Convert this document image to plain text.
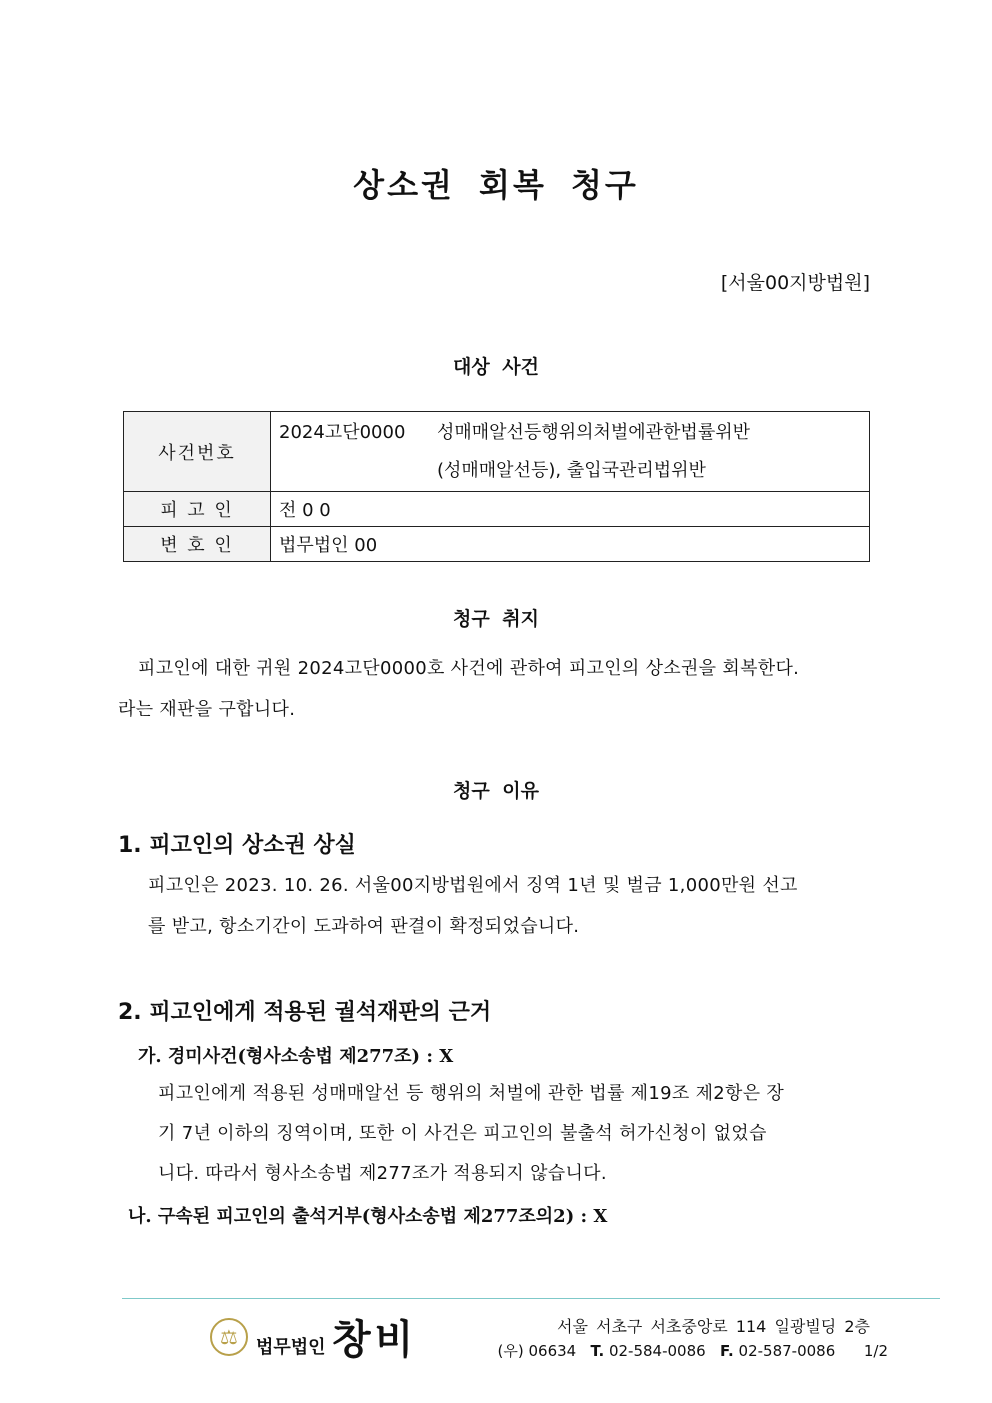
상소권 회복 청구
[서울00지방법원]
대상 사건
사건번호	2024고단0000 성매매알선등행위의처벌에관한법률위반
(성매매알선등), 출입국관리법위반

피 고 인	전 0 0
변 호 인	법무법인 00
청구 취지
피고인에 대한 귀원 2024고단0000호 사건에 관하여 피고인의 상소권을 회복한다.
라는 재판을 구합니다.
청구 이유
1. 피고인의 상소권 상실
피고인은 2023. 10. 26. 서울00지방법원에서 징역 1년 및 벌금 1,000만원 선고
를 받고, 항소기간이 도과하여 판결이 확정되었습니다.
2. 피고인에게 적용된 궐석재판의 근거
가. 경미사건(형사소송법 제277조) : X
피고인에게 적용된 성매매알선 등 행위의 처벌에 관한 법률 제19조 제2항은 장
기 7년 이하의 징역이며, 또한 이 사건은 피고인의 불출석 허가신청이 없었습
니다. 따라서 형사소송법 제277조가 적용되지 않습니다.
나. 구속된 피고인의 출석거부(형사소송법 제277조의2) : X
⚖	법무법인 창비	서울 서초구 서초중앙로 114 일광빌딩 2층
(우) 06634 T. 02-584-0086 F. 02-587-0086 1/2
